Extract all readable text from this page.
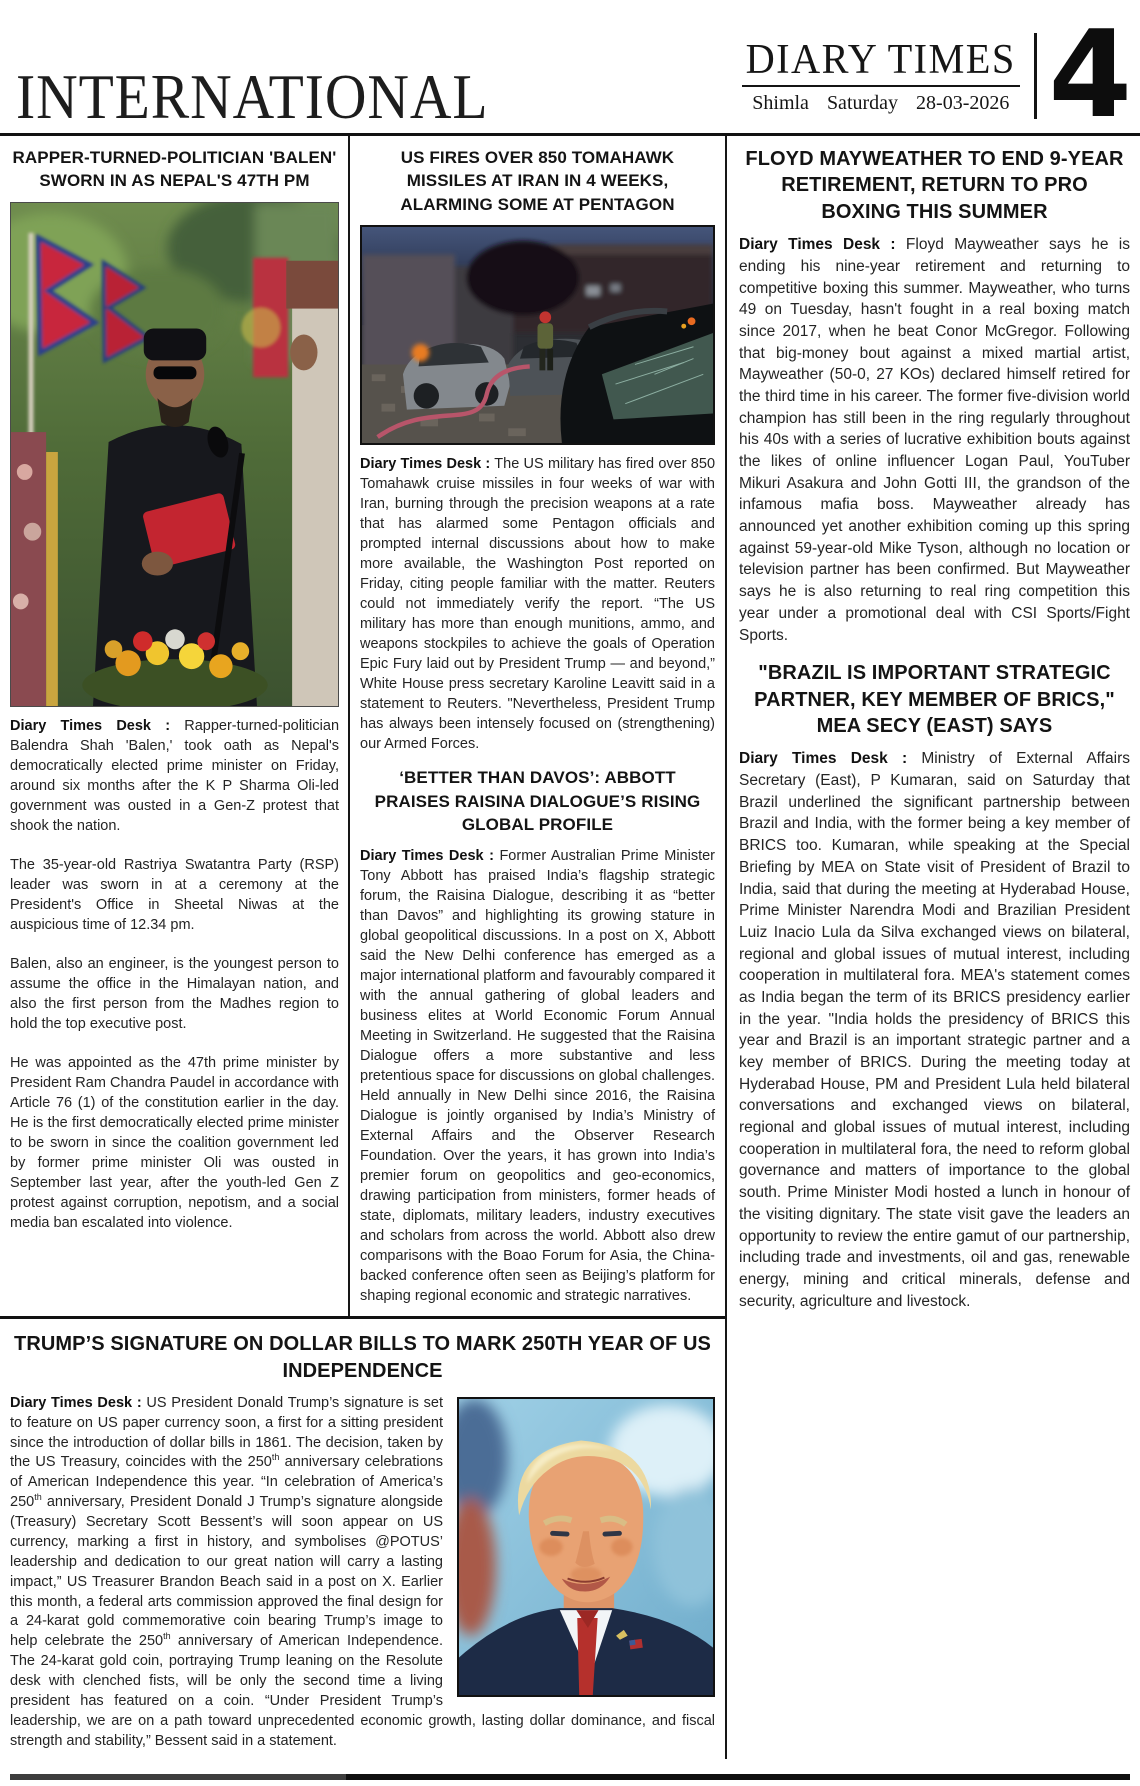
INTERNATIONAL
DIARY TIMES
Shimla Saturday 28-03-2026 4
RAPPER-TURNED-POLITICIAN 'BALEN' SWORN IN AS NEPAL'S 47TH PM

Diary Times Desk : Rapper-turned-politician Balendra Shah 'Balen,' took oath as Nepal's democratically elected prime minister on Friday, around six months after the K P Sharma Oli-led government was ousted in a Gen-Z protest that shook the nation.

The 35-year-old Rastriya Swatantra Party (RSP) leader was sworn in at a ceremony at the President's Office in Sheetal Niwas at the auspicious time of 12.34 pm.

Balen, also an engineer, is the youngest person to assume the office in the Himalayan nation, and also the first person from the Madhes region to hold the top executive post.

He was appointed as the 47th prime minister by President Ram Chandra Paudel in accordance with Article 76 (1) of the constitution earlier in the day. He is the first democratically elected prime minister to be sworn in since the coalition government led by former prime minister Oli was ousted in September last year, after the youth-led Gen Z protest against corruption, nepotism, and a social media ban escalated into violence.

US FIRES OVER 850 TOMAHAWK MISSILES AT IRAN IN 4 WEEKS, ALARMING SOME AT PENTAGON

Diary Times Desk : The US military has fired over 850 Tomahawk cruise missiles in four weeks of war with Iran, burning through the precision weapons at a rate that has alarmed some Pentagon officials and prompted internal discussions about how to make more available, the Washington Post reported on Friday, citing people familiar with the matter. Reuters could not immediately verify the report. “The US military has more than enough munitions, ammo, and weapons stockpiles to achieve the goals of Operation Epic Fury laid out by President Trump — and beyond,” White House press secretary Karoline Leavitt said in a statement to Reuters. "Nevertheless, President Trump has always been intensely focused on (strengthening) our Armed Forces.

‘BETTER THAN DAVOS’: ABBOTT PRAISES RAISINA DIALOGUE’S RISING GLOBAL PROFILE

Diary Times Desk : Former Australian Prime Minister Tony Abbott has praised India’s flagship strategic forum, the Raisina Dialogue, describing it as “better than Davos” and highlighting its growing stature in global geopolitical discussions. In a post on X, Abbott said the New Delhi conference has emerged as a major international platform and favourably compared it with the annual gathering of global leaders and business elites at World Economic Forum Annual Meeting in Switzerland. He suggested that the Raisina Dialogue offers a more substantive and less pretentious space for discussions on global challenges. Held annually in New Delhi since 2016, the Raisina Dialogue is jointly organised by India’s Ministry of External Affairs and the Observer Research Foundation. Over the years, it has grown into India’s premier forum on geopolitics and geo-economics, drawing participation from ministers, former heads of state, diplomats, military leaders, industry executives and scholars from across the world. Abbott also drew comparisons with the Boao Forum for Asia, the China-backed conference often seen as Beijing’s platform for shaping regional economic and strategic narratives.

TRUMP’S SIGNATURE ON DOLLAR BILLS TO MARK 250TH YEAR OF US INDEPENDENCE

Diary Times Desk : US President Donald Trump’s signature is set to feature on US paper currency soon, a first for a sitting president since the introduction of dollar bills in 1861. The decision, taken by the US Treasury, coincides with the 250th anniversary celebrations of American Independence this year. “In celebration of America’s 250th anniversary, President Donald J Trump’s signature alongside (Treasury) Secretary Scott Bessent’s will soon appear on US currency, marking a first in history, and symbolises @POTUS’ leadership and dedication to our great nation will carry a lasting impact,” US Treasurer Brandon Beach said in a post on X. Earlier this month, a federal arts commission approved the final design for a 24-karat gold commemorative coin bearing Trump’s image to help celebrate the 250th anniversary of American Independence. The 24-karat gold coin, portraying Trump leaning on the Resolute desk with clenched fists, will be only the second time a living president has featured on a coin. “Under President Trump’s leadership, we are on a path toward unprecedented economic growth, lasting dollar dominance, and fiscal strength and stability,” Bessent said in a statement.

FLOYD MAYWEATHER TO END 9-YEAR RETIREMENT, RETURN TO PRO BOXING THIS SUMMER

Diary Times Desk : Floyd Mayweather says he is ending his nine-year retirement and returning to competitive boxing this summer. Mayweather, who turns 49 on Tuesday, hasn't fought in a real boxing match since 2017, when he beat Conor McGregor. Following that big-money bout against a mixed martial artist, Mayweather (50-0, 27 KOs) declared himself retired for the third time in his career. The former five-division world champion has still been in the ring regularly throughout his 40s with a series of lucrative exhibition bouts against the likes of online influencer Logan Paul, YouTuber Mikuri Asakura and John Gotti III, the grandson of the infamous mafia boss. Mayweather already has announced yet another exhibition coming up this spring against 59-year-old Mike Tyson, although no location or television partner has been confirmed. But Mayweather says he is also returning to real ring competition this year under a promotional deal with CSI Sports/Fight Sports.

"BRAZIL IS IMPORTANT STRATEGIC PARTNER, KEY MEMBER OF BRICS," MEA SECY (EAST) SAYS

Diary Times Desk : Ministry of External Affairs Secretary (East), P Kumaran, said on Saturday that Brazil underlined the significant partnership between Brazil and India, with the former being a key member of BRICS too. Kumaran, while speaking at the Special Briefing by MEA on State visit of President of Brazil to India, said that during the meeting at Hyderabad House, Prime Minister Narendra Modi and Brazilian President Luiz Inacio Lula da Silva exchanged views on bilateral, regional and global issues of mutual interest, including cooperation in multilateral fora. MEA's statement comes as India began the term of its BRICS presidency earlier in the year. "India holds the presidency of BRICS this year and Brazil is an important strategic partner and a key member of BRICS. During the meeting today at Hyderabad House, PM and President Lula held bilateral conversations and exchanged views on bilateral, regional and global issues of mutual interest, including cooperation in multilateral fora, the need to reform global governance and matters of importance to the global south. Prime Minister Modi hosted a lunch in honour of the visiting dignitary. The state visit gave the leaders an opportunity to review the entire gamut of our partnership, including trade and investments, oil and gas, renewable energy, mining and critical minerals, defense and security, agriculture and livestock.
